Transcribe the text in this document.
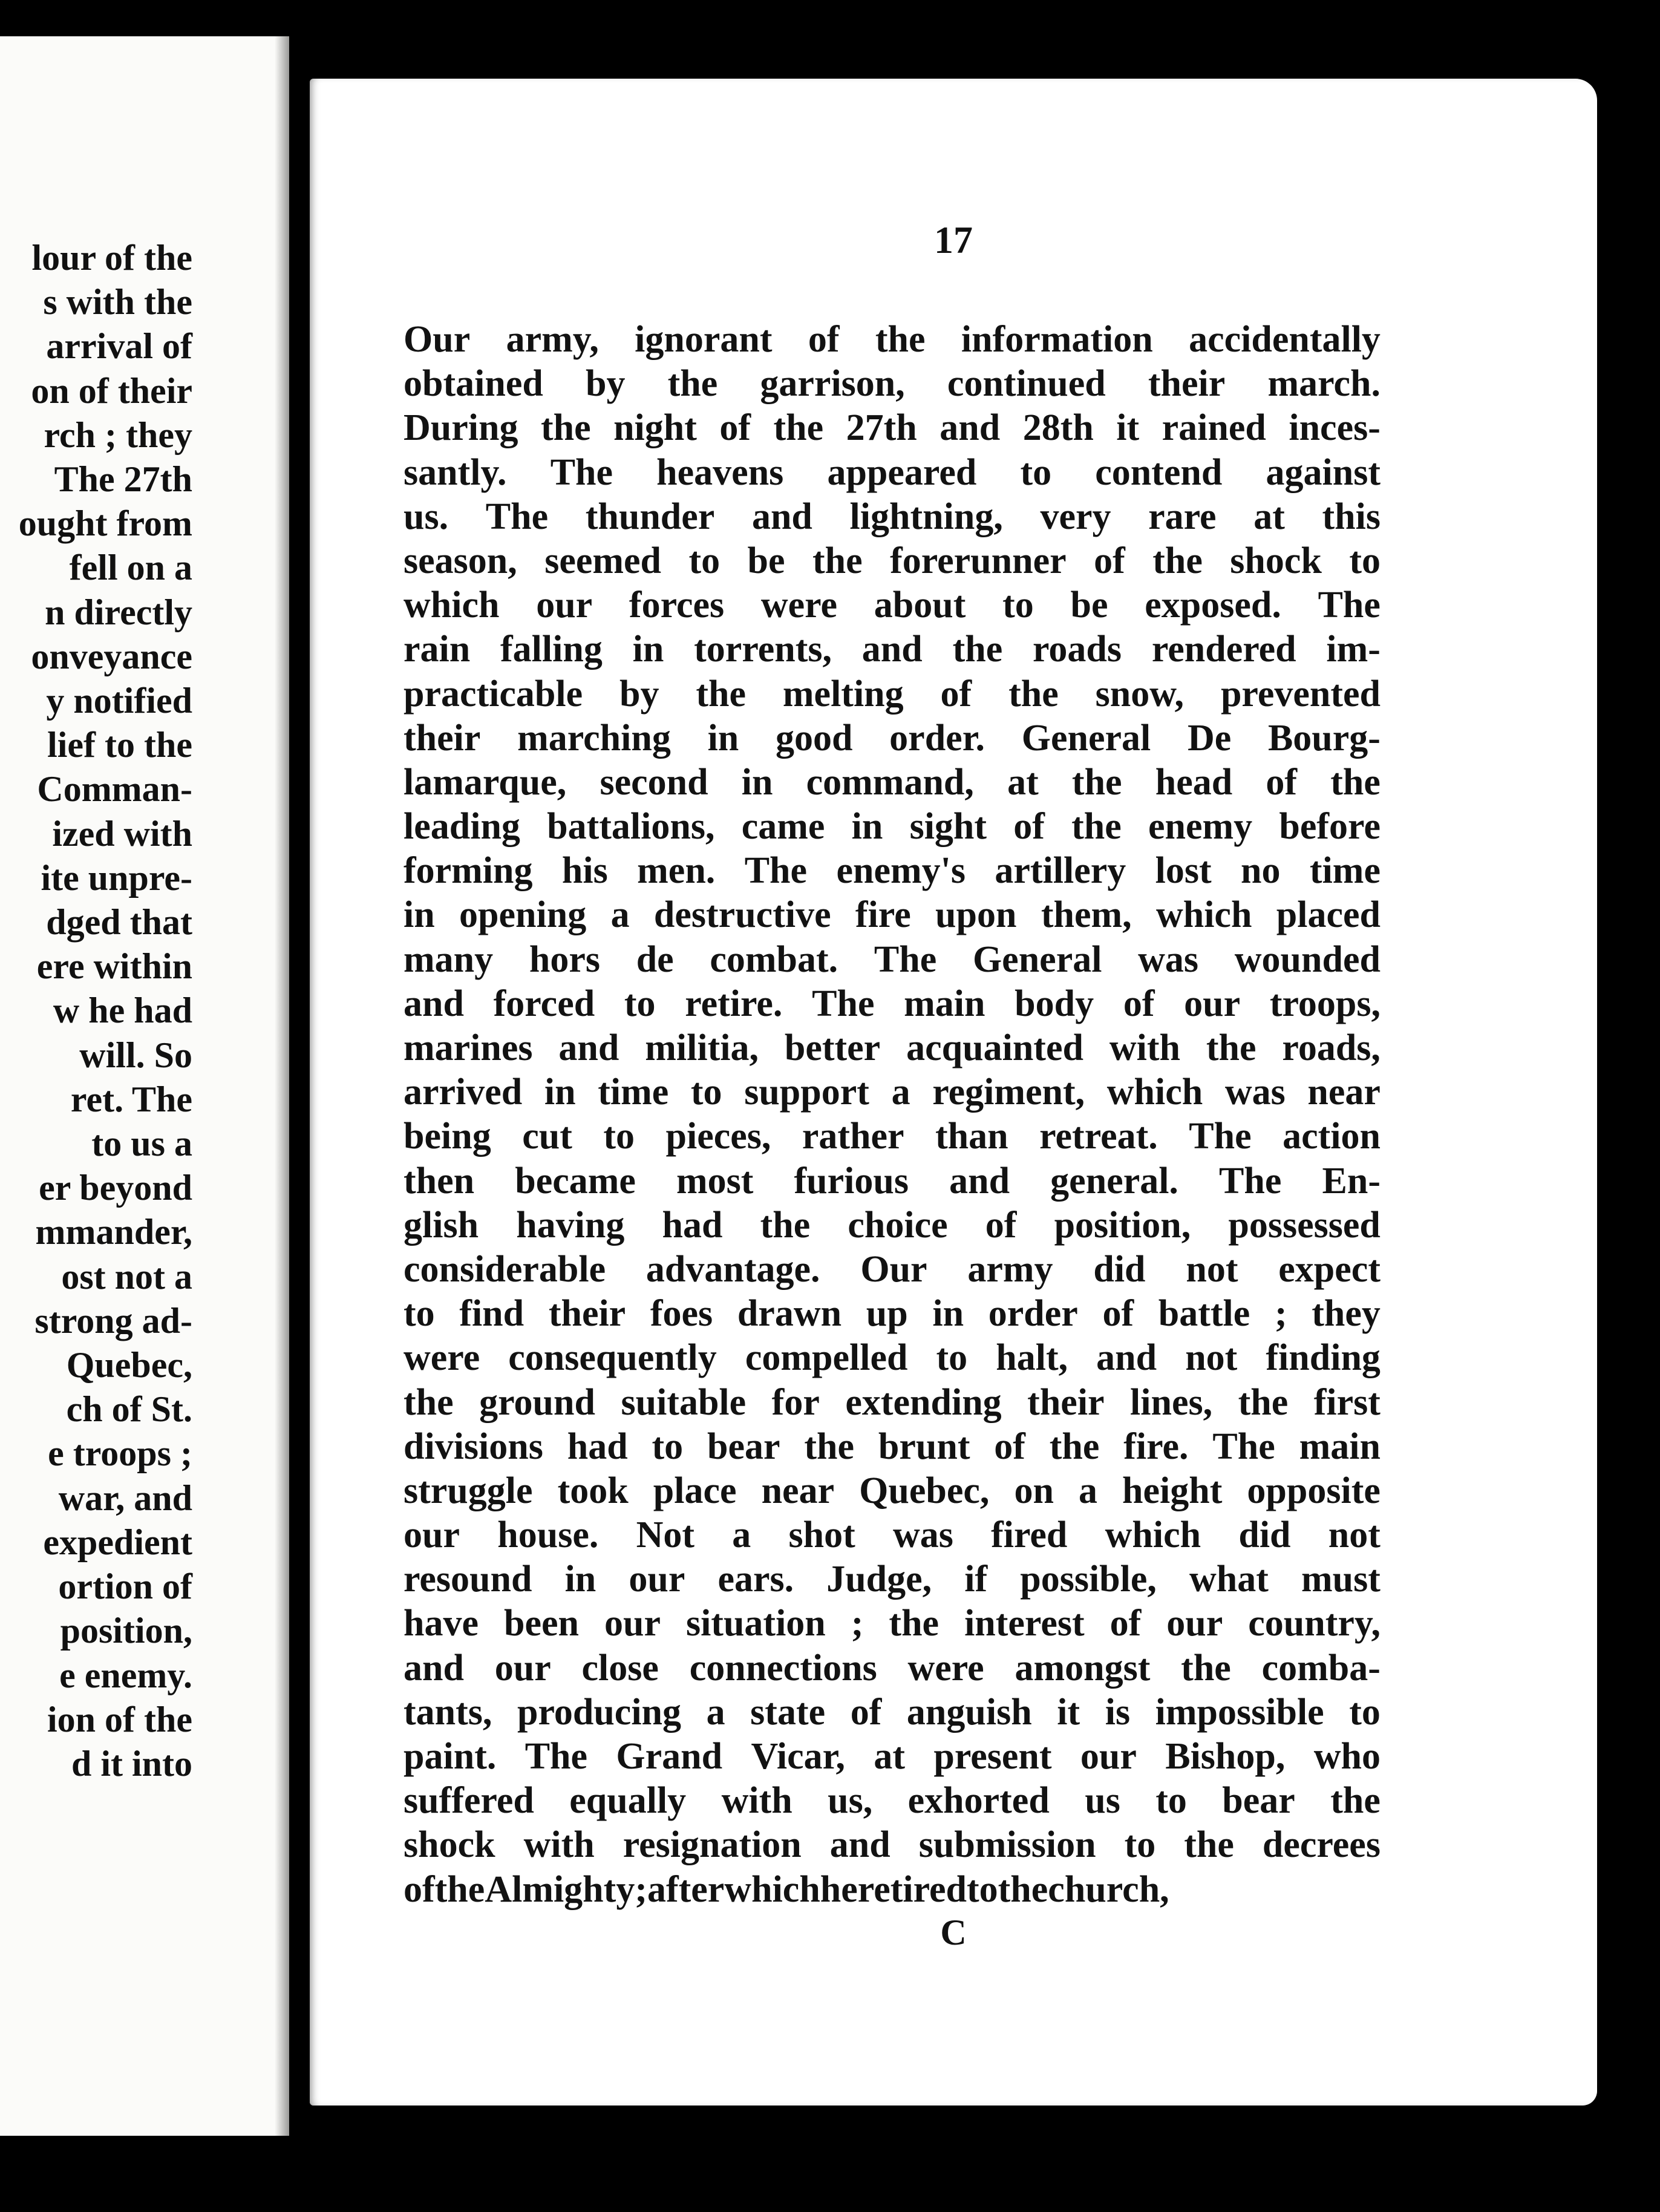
lour of the
s with the
arrival of
on of their
rch ; they
The 27th
ought from
fell on a
n directly
onveyance
y notified
lief to the
Comman-
ized with
ite unpre-
dged that
ere within
w he had
will. So
ret. The
to us a
er beyond
mmander,
ost not a
strong ad-
Quebec,
ch of St.
e troops ;
war, and
expedient
ortion of
position,
e enemy.
ion of the
d it into
17
Our army, ignorant of the information accidentally
obtained by the garrison, continued their march.
During the night of the 27th and 28th it rained inces-
santly. The heavens appeared to contend against
us. The thunder and lightning, very rare at this
season, seemed to be the forerunner of the shock to
which our forces were about to be exposed. The
rain falling in torrents, and the roads rendered im-
practicable by the melting of the snow, prevented
their marching in good order. General De Bourg-
lamarque, second in command, at the head of the
leading battalions, came in sight of the enemy before
forming his men. The enemy's artillery lost no time
in opening a destructive fire upon them, which placed
many hors de combat. The General was wounded
and forced to retire. The main body of our troops,
marines and militia, better acquainted with the roads,
arrived in time to support a regiment, which was near
being cut to pieces, rather than retreat. The action
then became most furious and general. The En-
glish having had the choice of position, possessed
considerable advantage. Our army did not expect
to find their foes drawn up in order of battle ; they
were consequently compelled to halt, and not finding
the ground suitable for extending their lines, the first
divisions had to bear the brunt of the fire. The main
struggle took place near Quebec, on a height opposite
our house. Not a shot was fired which did not
resound in our ears. Judge, if possible, what must
have been our situation ; the interest of our country,
and our close connections were amongst the comba-
tants, producing a state of anguish it is impossible to
paint. The Grand Vicar, at present our Bishop, who
suffered equally with us, exhorted us to bear the
shock with resignation and submission to the decrees
of the Almighty ; after which he retired to the church,
C
